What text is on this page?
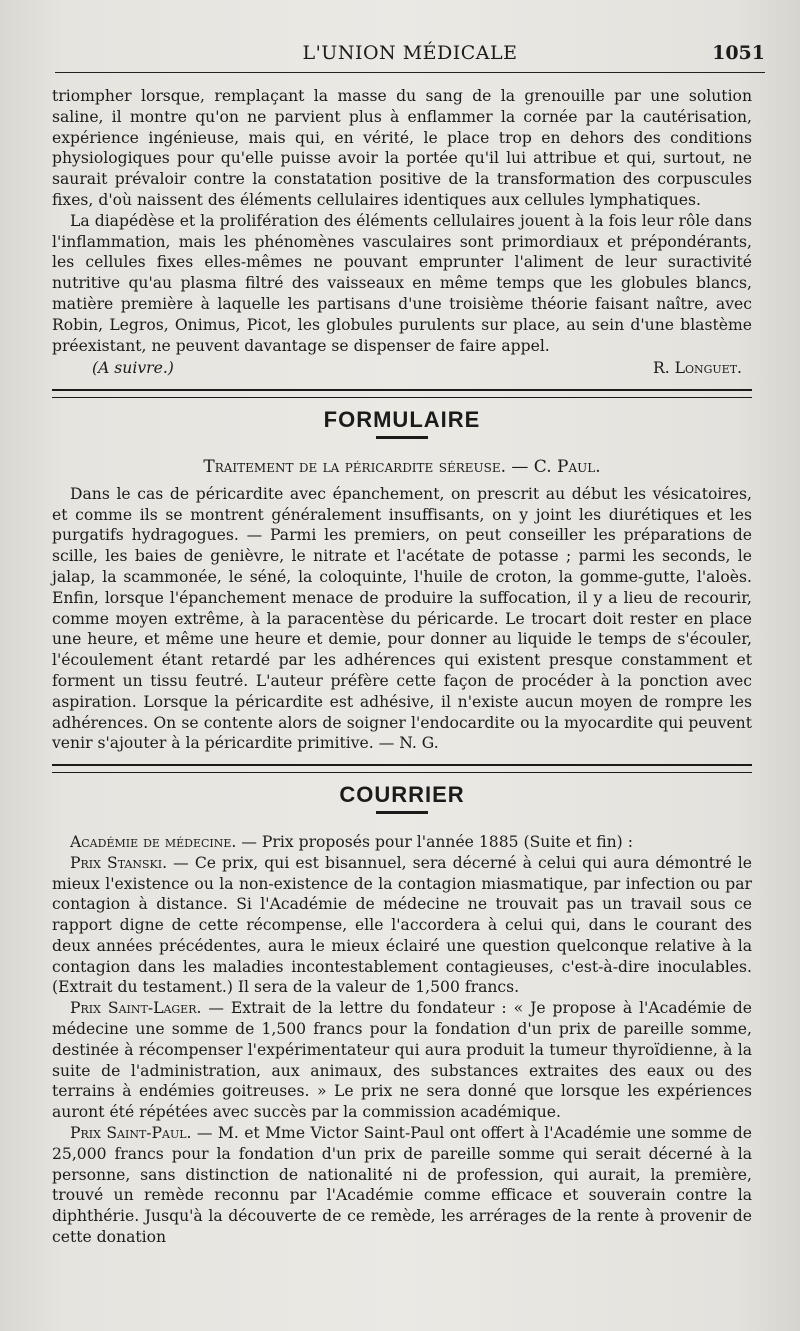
L'UNION MÉDICALE	1051

triompher lorsque, remplaçant la masse du sang de la grenouille par une solution saline, il montre qu'on ne parvient plus à enflammer la cornée par la cautérisation, expérience ingénieuse, mais qui, en vérité, le place trop en dehors des conditions physiologiques pour qu'elle puisse avoir la portée qu'il lui attribue et qui, surtout, ne saurait prévaloir contre la constatation positive de la transformation des corpuscules fixes, d'où naissent des éléments cellulaires identiques aux cellules lymphatiques.

La diapédèse et la prolifération des éléments cellulaires jouent à la fois leur rôle dans l'inflammation, mais les phénomènes vasculaires sont primordiaux et prépondérants, les cellules fixes elles-mêmes ne pouvant emprunter l'aliment de leur suractivité nutritive qu'au plasma filtré des vaisseaux en même temps que les globules blancs, matière première à laquelle les partisans d'une troisième théorie faisant naître, avec Robin, Legros, Onimus, Picot, les globules purulents sur place, au sein d'une blastème préexistant, ne peuvent davantage se dispenser de faire appel.

(A suivre.)	R. Longuet.
FORMULAIRE
Traitement de la péricardite séreuse. — C. Paul.

Dans le cas de péricardite avec épanchement, on prescrit au début les vésicatoires, et comme ils se montrent généralement insuffisants, on y joint les diurétiques et les purgatifs hydragogues. — Parmi les premiers, on peut conseiller les préparations de scille, les baies de genièvre, le nitrate et l'acétate de potasse ; parmi les seconds, le jalap, la scammonée, le séné, la coloquinte, l'huile de croton, la gomme-gutte, l'aloès. Enfin, lorsque l'épanchement menace de produire la suffocation, il y a lieu de recourir, comme moyen extrême, à la paracentèse du péricarde. Le trocart doit rester en place une heure, et même une heure et demie, pour donner au liquide le temps de s'écouler, l'écoulement étant retardé par les adhérences qui existent presque constamment et forment un tissu feutré. L'auteur préfère cette façon de procéder à la ponction avec aspiration. Lorsque la péricardite est adhésive, il n'existe aucun moyen de rompre les adhérences. On se contente alors de soigner l'endocardite ou la myocardite qui peuvent venir s'ajouter à la péricardite primitive. — N. G.

COURRIER

Académie de médecine. — Prix proposés pour l'année 1885 (Suite et fin) :

Prix Stanski. — Ce prix, qui est bisannuel, sera décerné à celui qui aura démontré le mieux l'existence ou la non-existence de la contagion miasmatique, par infection ou par contagion à distance. Si l'Académie de médecine ne trouvait pas un travail sous ce rapport digne de cette récompense, elle l'accordera à celui qui, dans le courant des deux années précédentes, aura le mieux éclairé une question quelconque relative à la contagion dans les maladies incontestablement contagieuses, c'est-à-dire inoculables. (Extrait du testament.) Il sera de la valeur de 1,500 francs.

Prix Saint-Lager. — Extrait de la lettre du fondateur : « Je propose à l'Académie de médecine une somme de 1,500 francs pour la fondation d'un prix de pareille somme, destinée à récompenser l'expérimentateur qui aura produit la tumeur thyroïdienne, à la suite de l'administration, aux animaux, des substances extraites des eaux ou des terrains à endémies goitreuses. » Le prix ne sera donné que lorsque les expériences auront été répétées avec succès par la commission académique.

Prix Saint-Paul. — M. et Mme Victor Saint-Paul ont offert à l'Académie une somme de 25,000 francs pour la fondation d'un prix de pareille somme qui serait décerné à la personne, sans distinction de nationalité ni de profession, qui aurait, la première, trouvé un remède reconnu par l'Académie comme efficace et souverain contre la diphthérie. Jusqu'à la découverte de ce remède, les arrérages de la rente à provenir de cette donation
